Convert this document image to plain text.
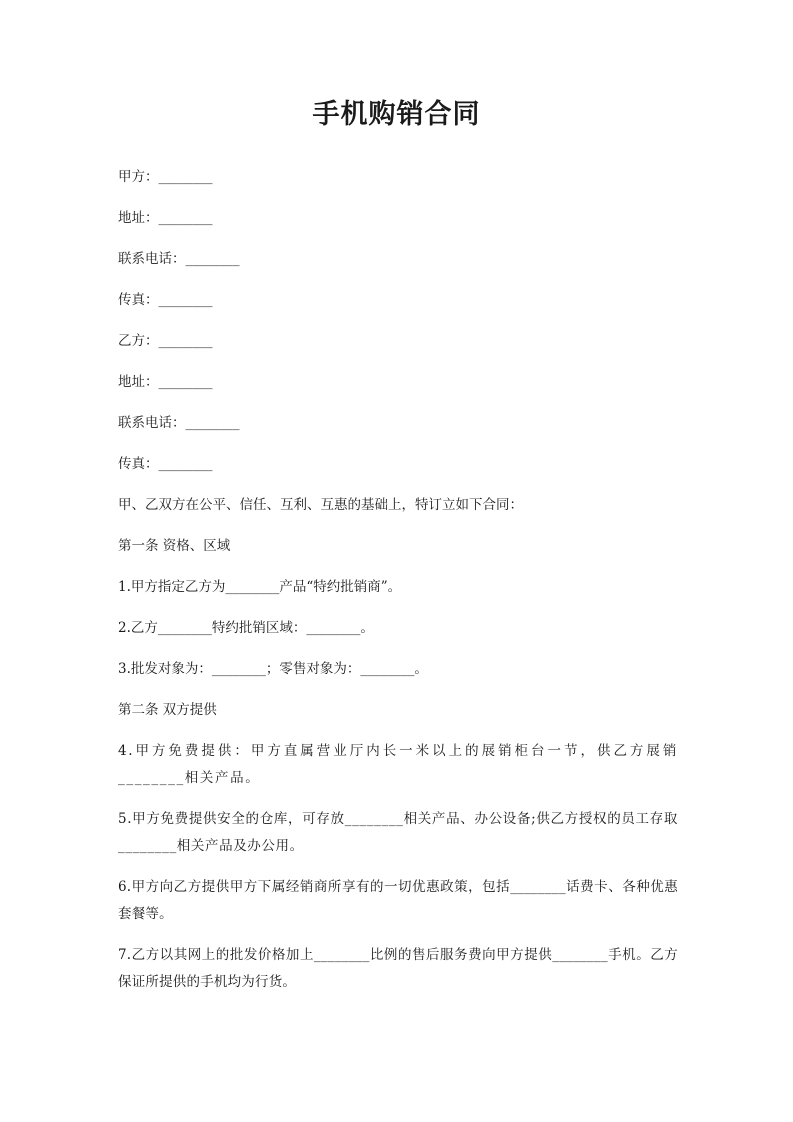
手机购销合同

甲方：________

地址：________

联系电话：________

传真：________

乙方：________

地址：________

联系电话：________

传真：________

甲、乙双方在公平、信任、互利、互惠的基础上，特订立如下合同：

第一条 资格、区域

1.甲方指定乙方为________产品“特约批销商”。

2.乙方________特约批销区域：________。

3.批发对象为：________；零售对象为：________。

第二条 双方提供

4.甲方免费提供：甲方直属营业厅内长一米以上的展销柜台一节，供乙方展销________相关产品。

5.甲方免费提供安全的仓库，可存放________相关产品、办公设备;供乙方授权的员工存取________相关产品及办公用。

6.甲方向乙方提供甲方下属经销商所享有的一切优惠政策，包括________话费卡、各种优惠套餐等。

7.乙方以其网上的批发价格加上________比例的售后服务费向甲方提供________手机。乙方保证所提供的手机均为行货。
